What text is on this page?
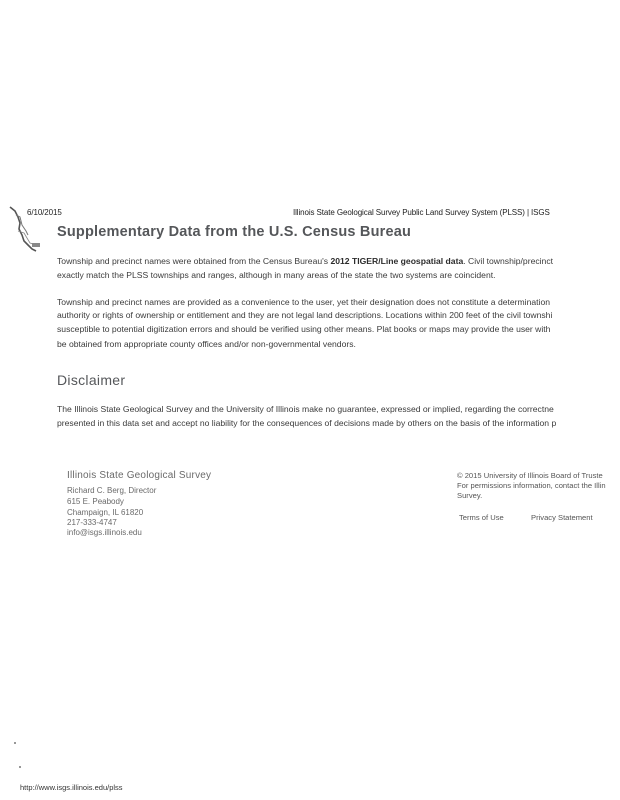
6/10/2015	Illinois State Geological Survey Public Land Survey System (PLSS) | ISGS
Supplementary Data from the U.S. Census Bureau
Township and precinct names were obtained from the Census Bureau's 2012 TIGER/Line geospatial data. Civil township/precinct
exactly match the PLSS townships and ranges, although in many areas of the state the two systems are coincident.
Township and precinct names are provided as a convenience to the user, yet their designation does not constitute a determination
authority or rights of ownership or entitlement and they are not legal land descriptions. Locations within 200 feet of the civil townshi
susceptible to potential digitization errors and should be verified using other means. Plat books or maps may provide the user with
be obtained from appropriate county offices and/or non-governmental vendors.
Disclaimer
The Illinois State Geological Survey and the University of Illinois make no guarantee, expressed or implied, regarding the correctne
presented in this data set and accept no liability for the consequences of decisions made by others on the basis of the information p
Illinois State Geological Survey
Richard C. Berg, Director
615 E. Peabody
Champaign, IL 61820
217-333-4747
info@isgs.illinois.edu
© 2015 University of Illinois Board of Truste
For permissions information, contact the Illin
Survey.
Terms of Use	Privacy Statement
http://www.isgs.illinois.edu/plss
